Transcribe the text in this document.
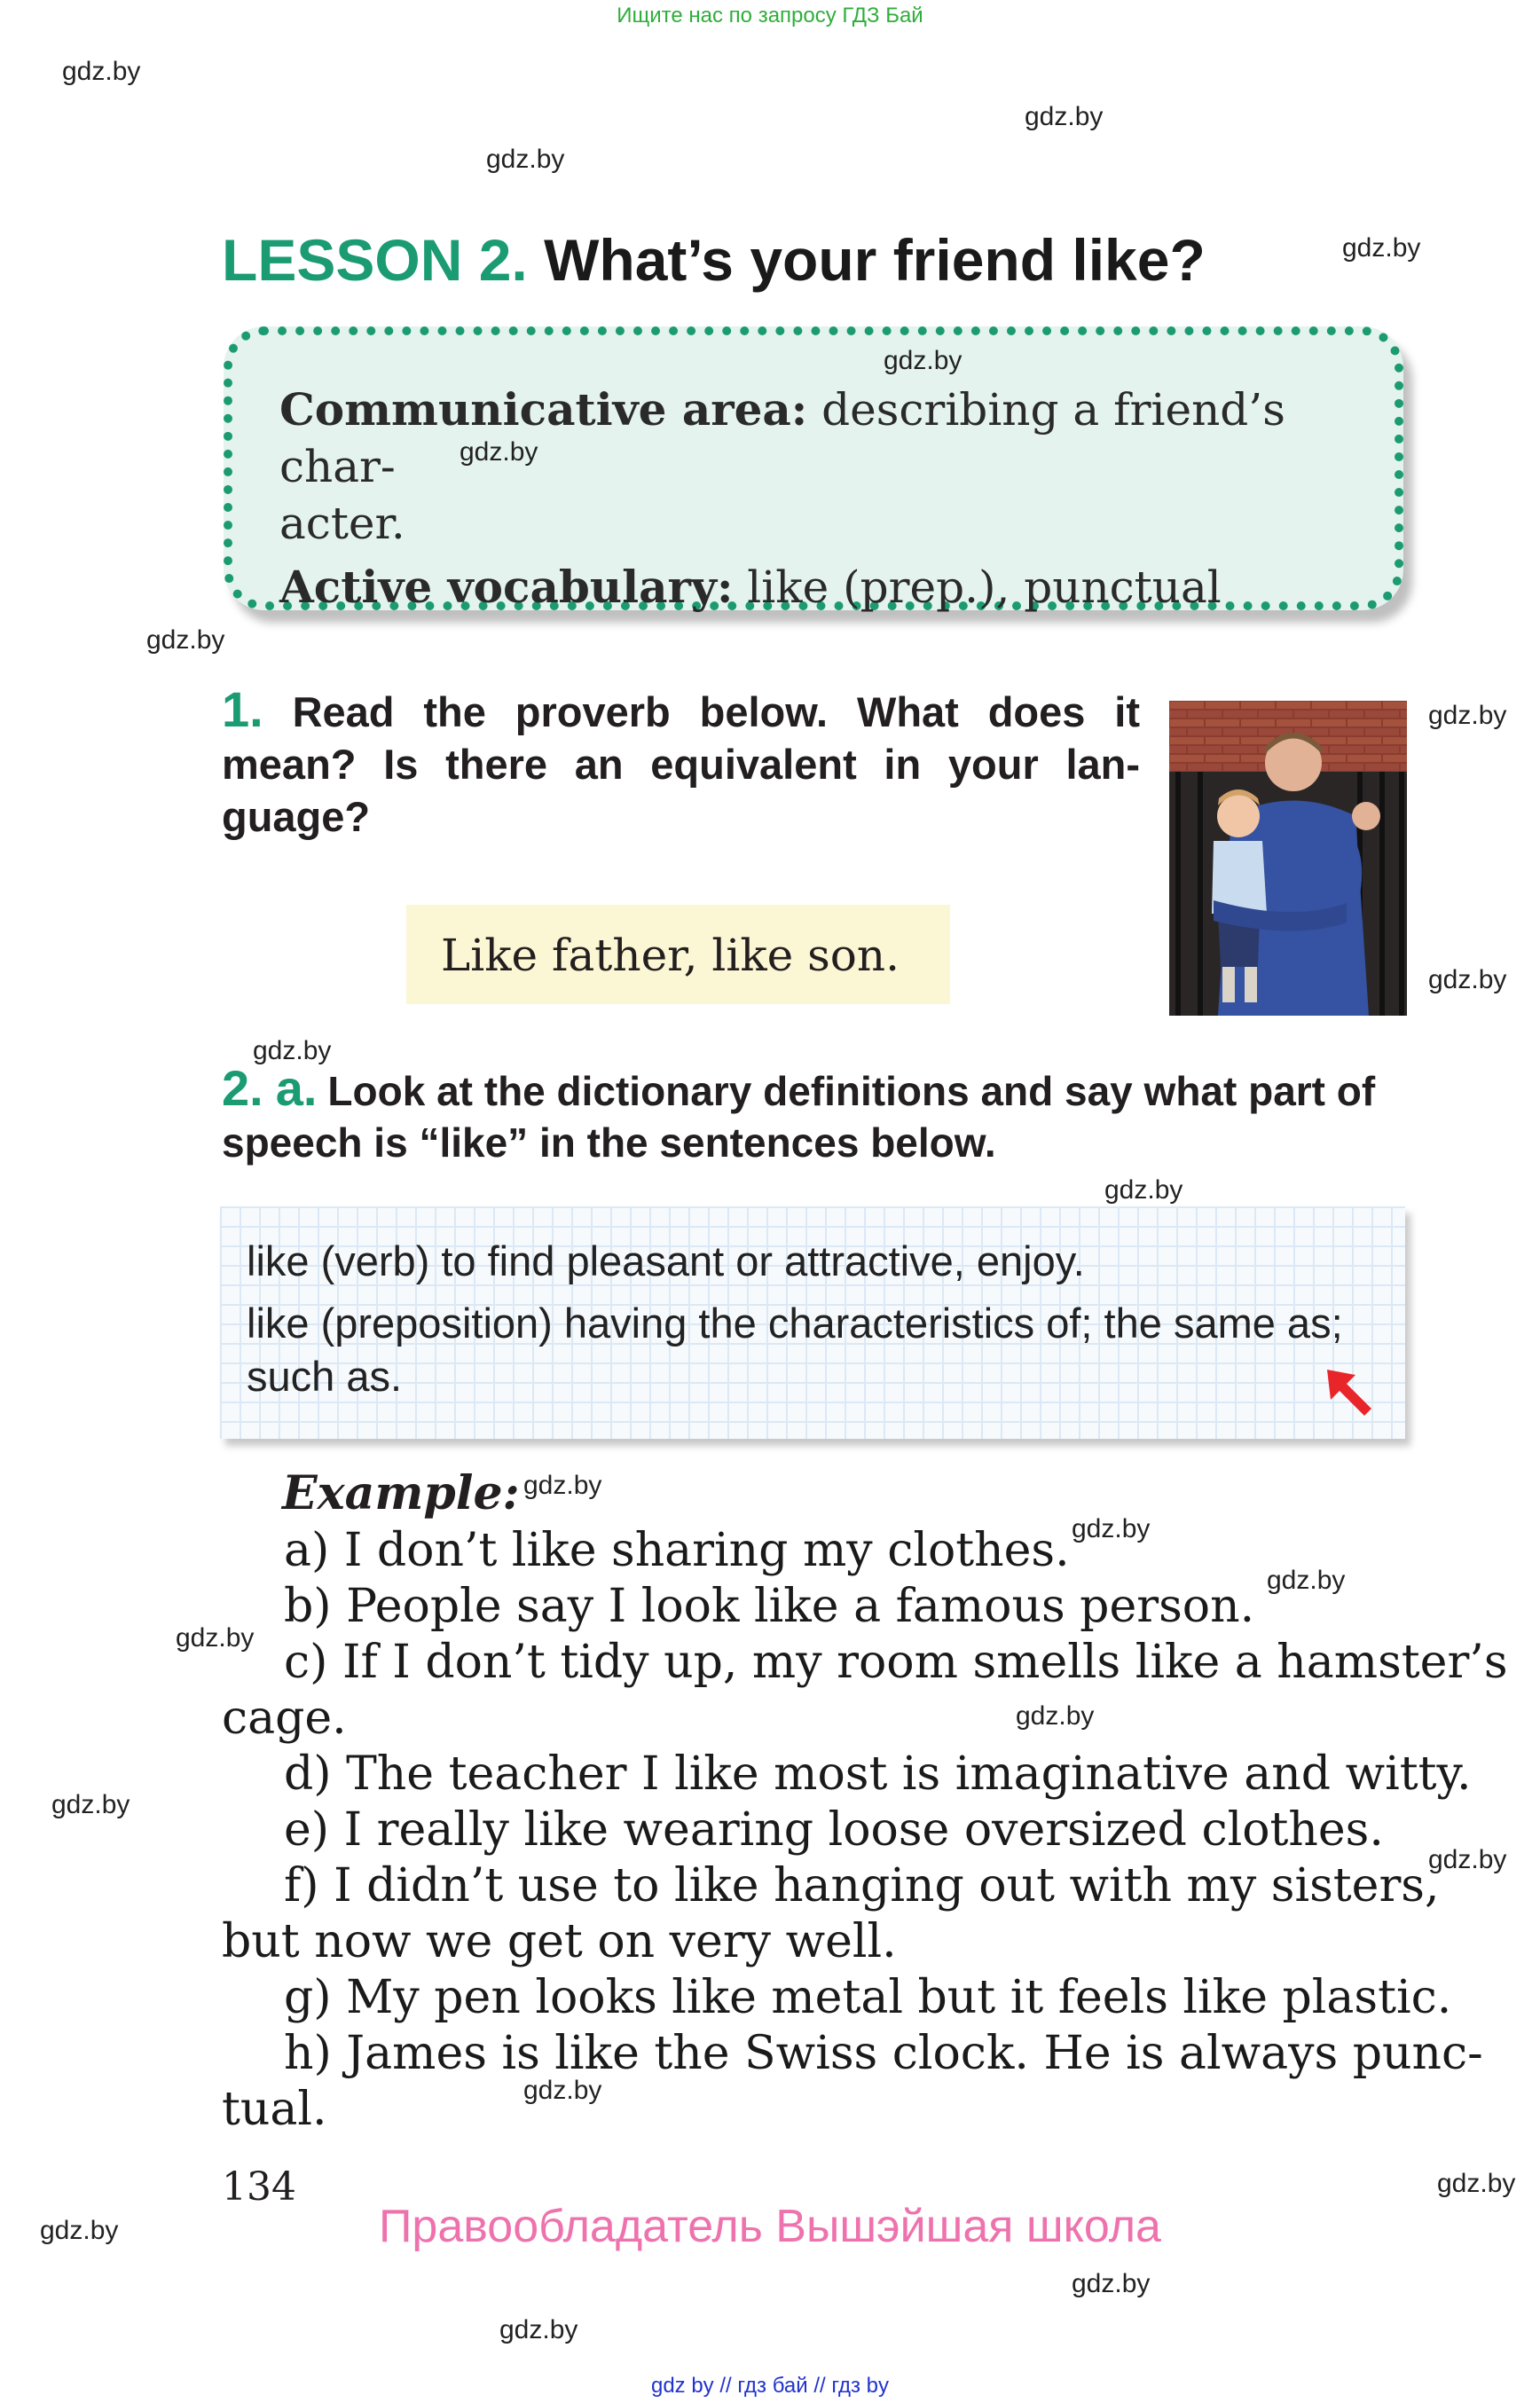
Ищите нас по запросу ГДЗ Бай
gdz.by
gdz.by
gdz.by
gdz.by
gdz.by
gdz.by
gdz.by
gdz.by
gdz.by
gdz.by
gdz.by
gdz.by
gdz.by
gdz.by
gdz.by
gdz.by
gdz.by
gdz.by
gdz.by
LESSON 2. What’s your friend like?
gdz.by
gdz.by

Communicative area: describing a friend’s char-

acter.

Active vocabulary: like (prep.), punctual

1. Read the proverb below. What does it mean? Is there an equivalent in your lan-guage?
Like father, like son.
2. a. Look at the dictionary definitions and say what part of speech is “like” in the sentences below.

like (verb) to find pleasant or attractive, enjoy.

like (preposition) having the characteristics of; the same as; such as.

Example: gdz.by
a) I don’t like sharing my clothes.
b) People say I look like a famous person.
c) If I don’t tidy up, my room smells like a hamster’s
cage.
d) The teacher I like most is imaginative and witty.
e) I really like wearing loose oversized clothes.
f) I didn’t use to like hanging out with my sisters,
but now we get on very well.
g) My pen looks like metal but it feels like plastic.
h) James is like the Swiss clock. He is always punc-
tual.	gdz.by
134
Правообладатель Вышэйшая школа
gdz by // гдз бай // гдз by
